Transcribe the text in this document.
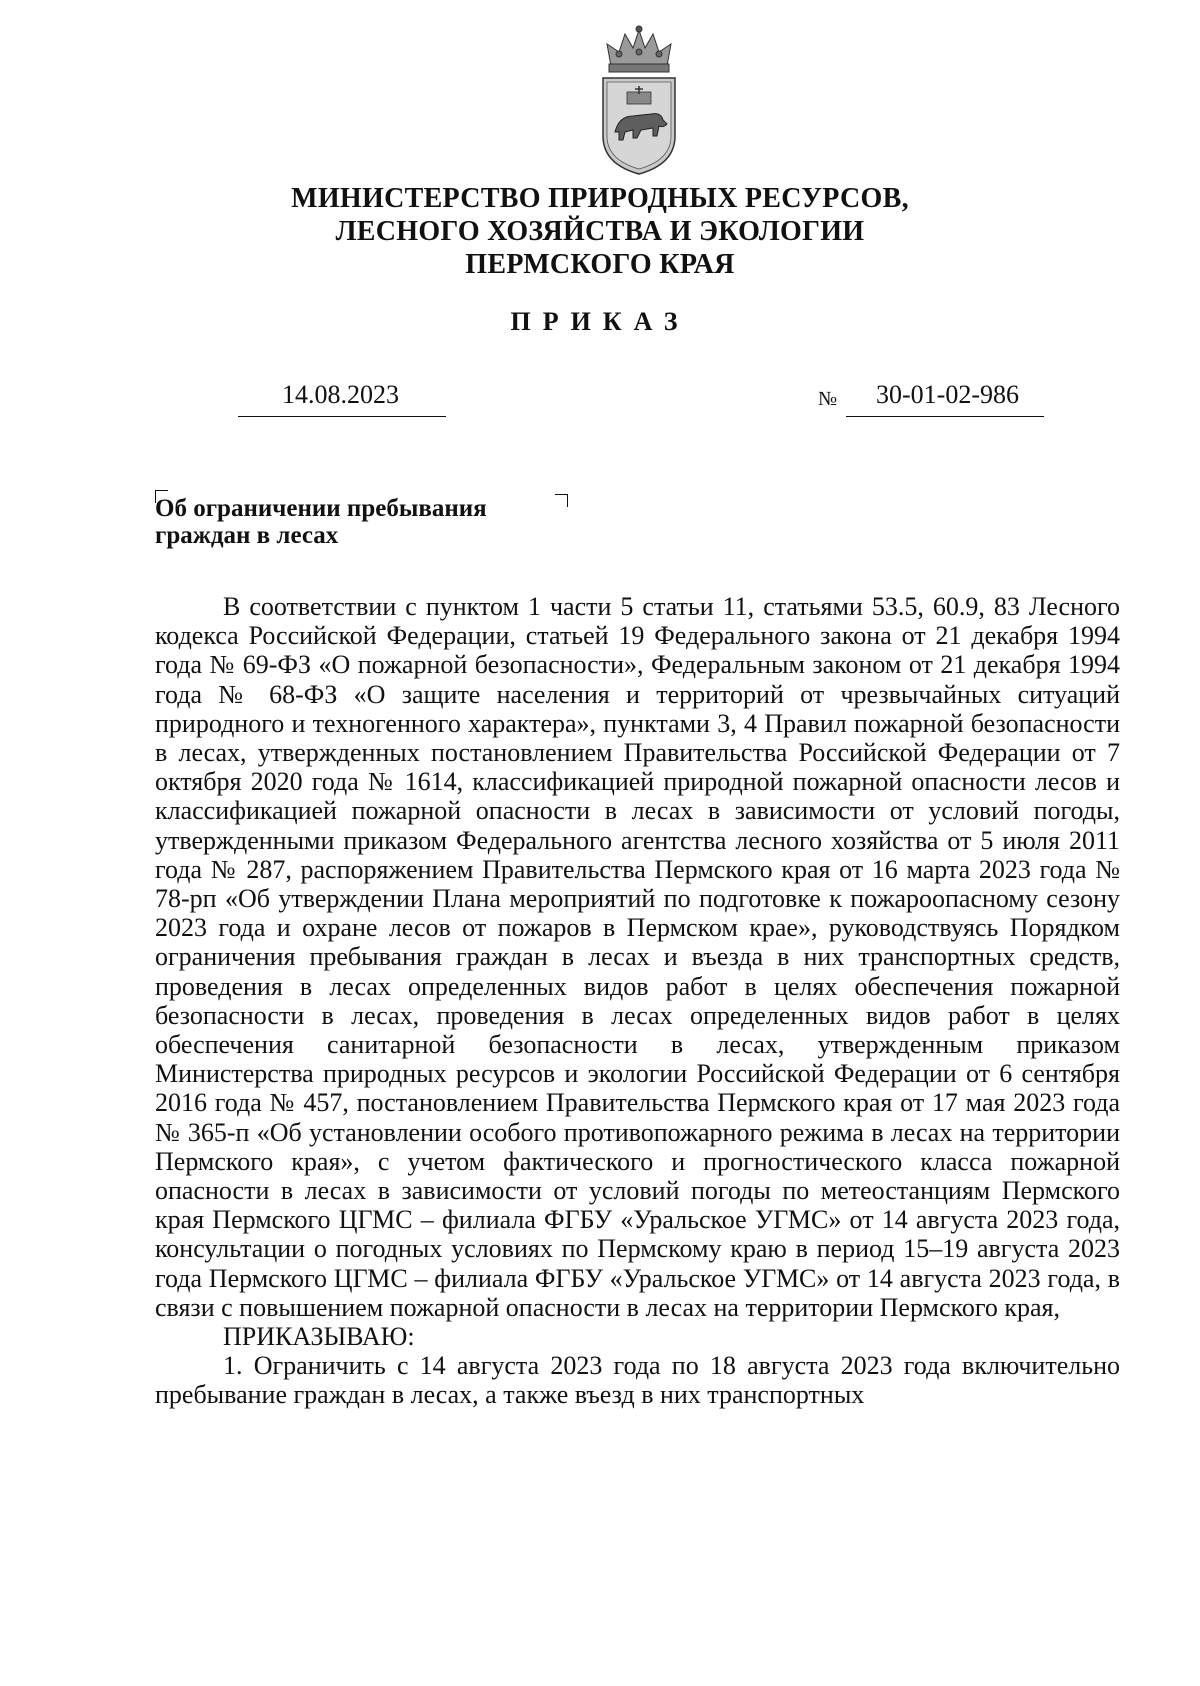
МИНИСТЕРСТВО ПРИРОДНЫХ РЕСУРСОВ,
ЛЕСНОГО ХОЗЯЙСТВА И ЭКОЛОГИИ
ПЕРМСКОГО КРАЯ
ПРИКАЗ
14.08.2023	№ 30-01-02-986
Об ограничении пребывания
граждан в лесах

В соответствии с пунктом 1 части 5 статьи 11, статьями 53.5, 60.9, 83 Лесного кодекса Российской Федерации, статьей 19 Федерального закона от 21 декабря 1994 года № 69-ФЗ «О пожарной безопасности», Федеральным законом от 21 декабря 1994 года № 68-ФЗ «О защите населения и территорий от чрезвычайных ситуаций природного и техногенного характера», пунктами 3, 4 Правил пожарной безопасности в лесах, утвержденных постановлением Правительства Российской Федерации от 7 октября 2020 года № 1614, классификацией природной пожарной опасности лесов и классификацией пожарной опасности в лесах в зависимости от условий погоды, утвержденными приказом Федерального агентства лесного хозяйства от 5 июля 2011 года № 287, распоряжением Правительства Пермского края от 16 марта 2023 года № 78-рп «Об утверждении Плана мероприятий по подготовке к пожароопасному сезону 2023 года и охране лесов от пожаров в Пермском крае», руководствуясь Порядком ограничения пребывания граждан в лесах и въезда в них транспортных средств, проведения в лесах определенных видов работ в целях обеспечения пожарной безопасности в лесах, проведения в лесах определенных видов работ в целях обеспечения санитарной безопасности в лесах, утвержденным приказом Министерства природных ресурсов и экологии Российской Федерации от 6 сентября 2016 года № 457, постановлением Правительства Пермского края от 17 мая 2023 года № 365-п «Об установлении особого противопожарного режима в лесах на территории Пермского края», с учетом фактического и прогностического класса пожарной опасности в лесах в зависимости от условий погоды по метеостанциям Пермского края Пермского ЦГМС – филиала ФГБУ «Уральское УГМС» от 14 августа 2023 года, консультации о погодных условиях по Пермскому краю в период 15–19 августа 2023 года Пермского ЦГМС – филиала ФГБУ «Уральское УГМС» от 14 августа 2023 года, в связи с повышением пожарной опасности в лесах на территории Пермского края,

ПРИКАЗЫВАЮ:

1. Ограничить с 14 августа 2023 года по 18 августа 2023 года включительно пребывание граждан в лесах, а также въезд в них транспортных
